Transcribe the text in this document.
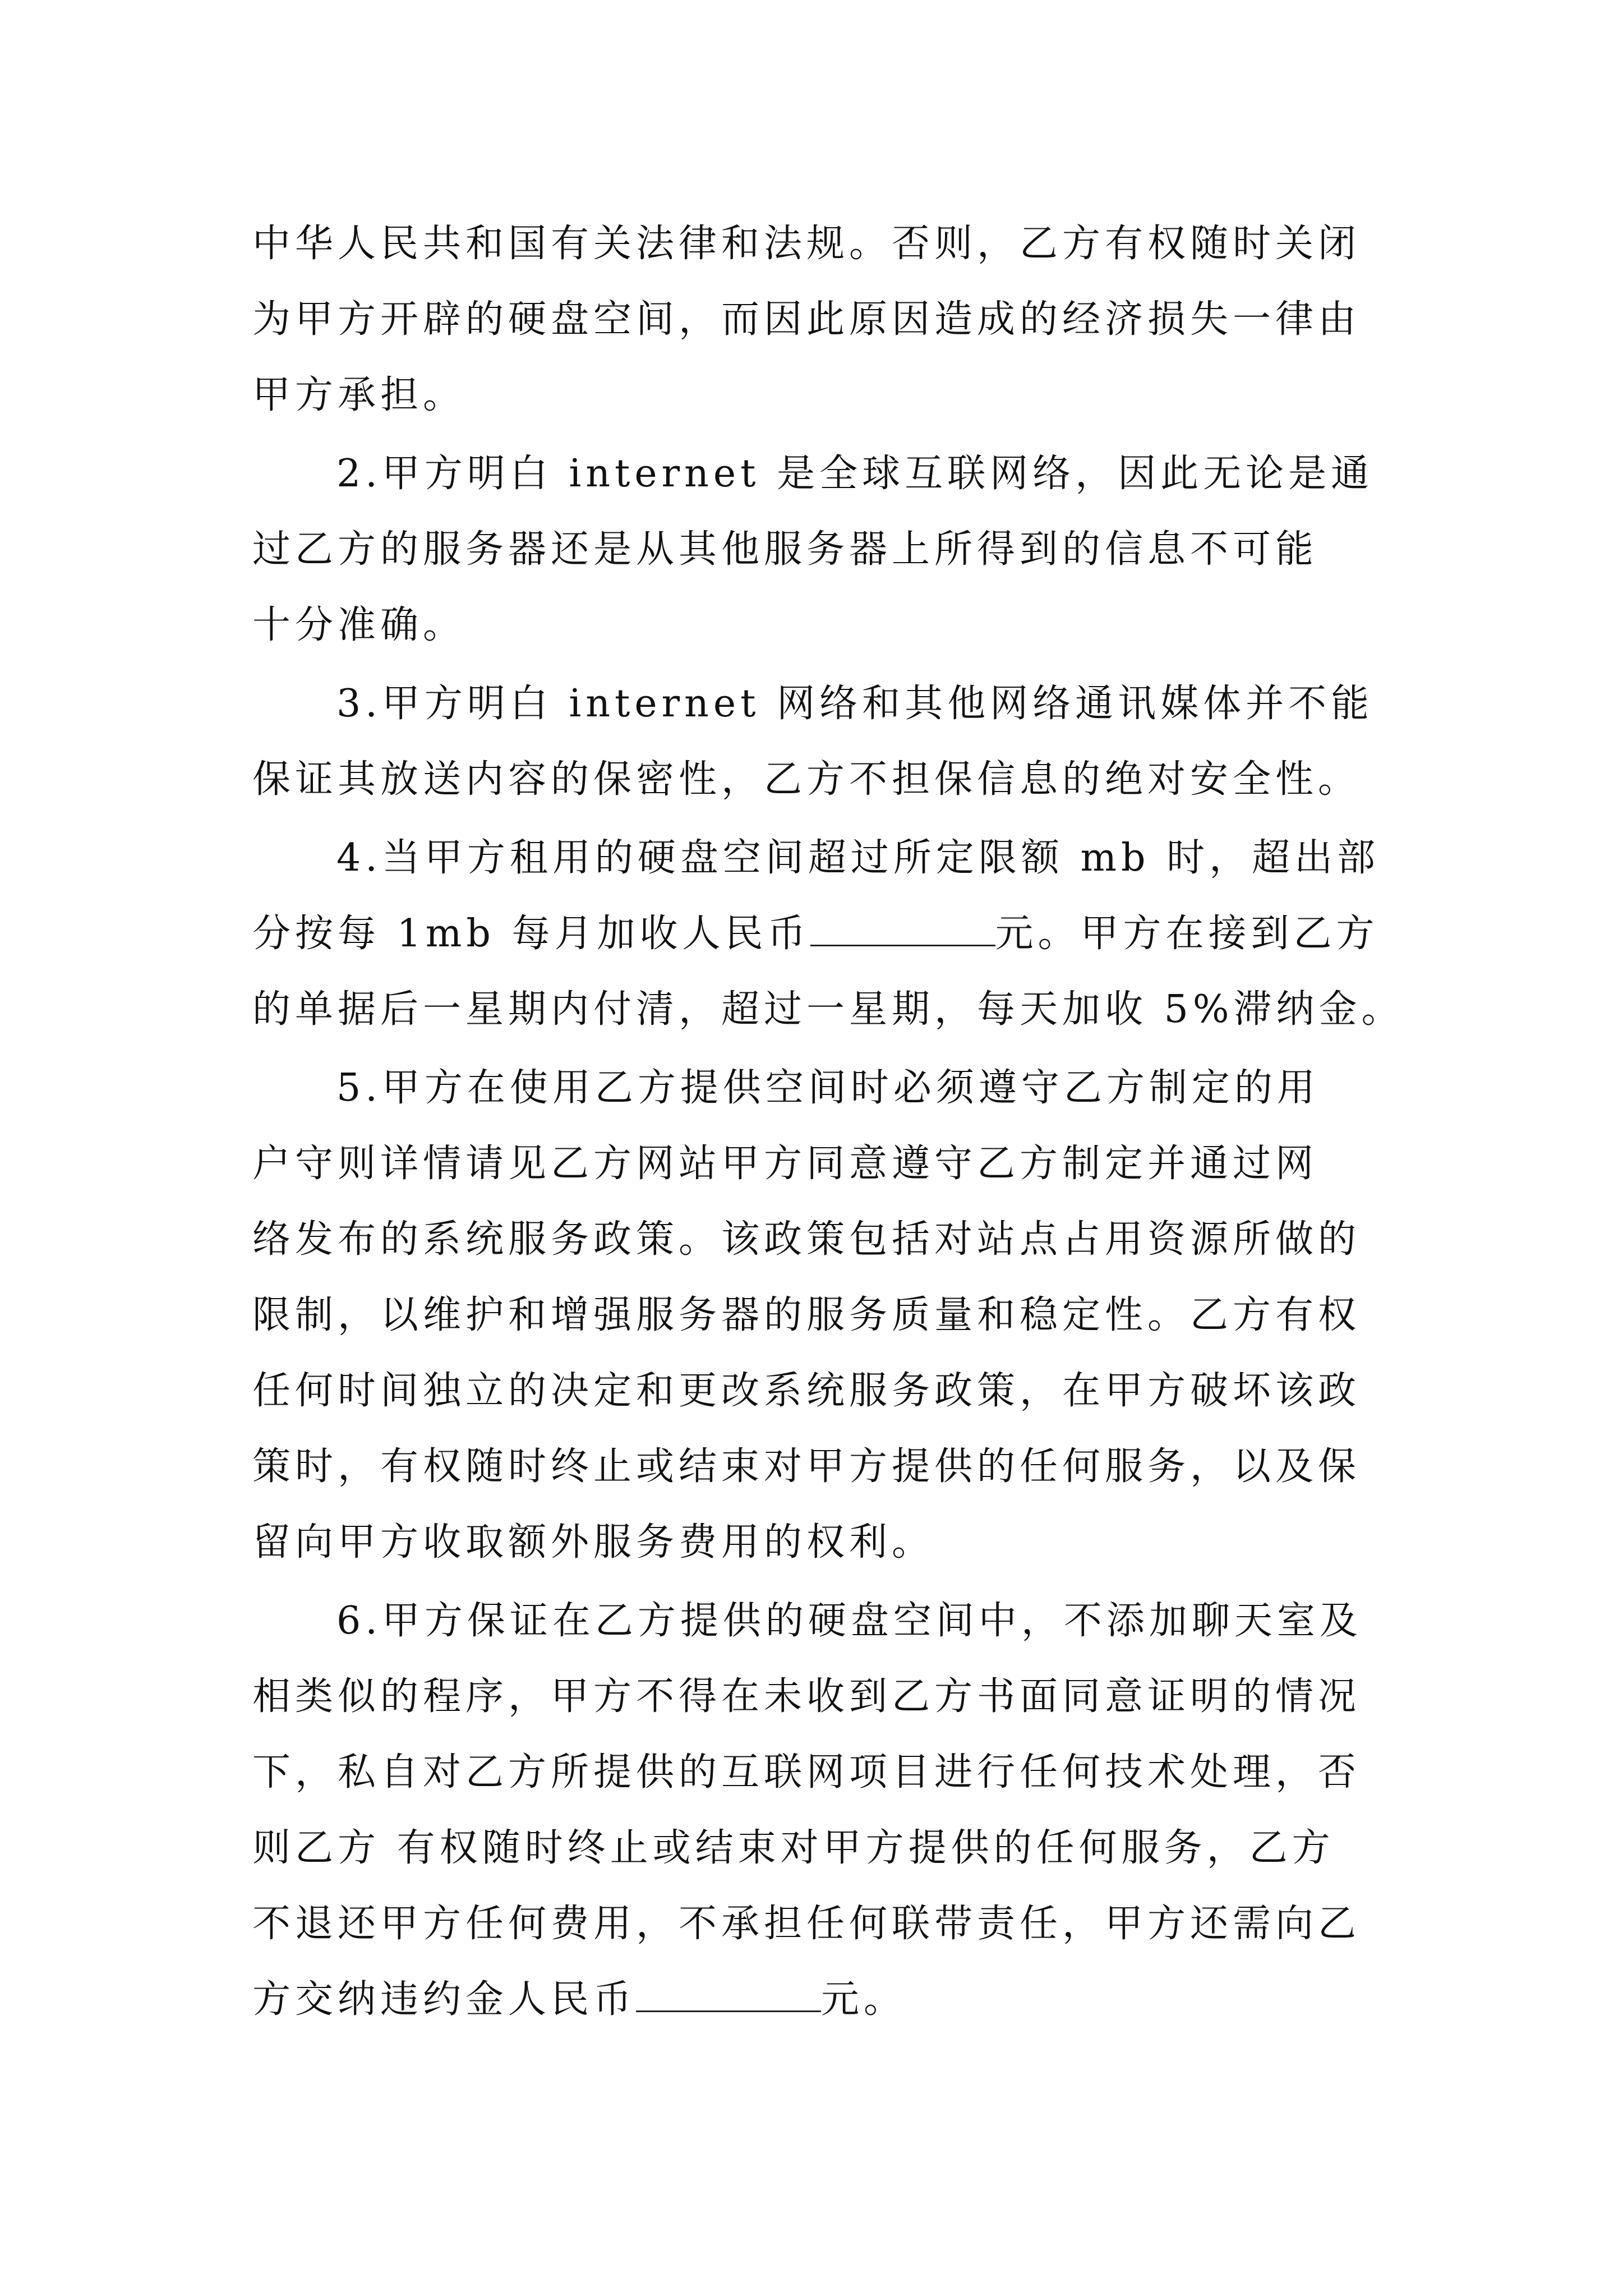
中华人民共和国有关法律和法规。否则，乙方有权随时关闭
为甲方开辟的硬盘空间，而因此原因造成的经济损失一律由
甲方承担。
2.甲方明白 internet 是全球互联网络，因此无论是通
过乙方的服务器还是从其他服务器上所得到的信息不可能
十分准确。
3.甲方明白 internet 网络和其他网络通讯媒体并不能
保证其放送内容的保密性，乙方不担保信息的绝对安全性。
4.当甲方租用的硬盘空间超过所定限额 mb 时，超出部
分按每 1mb 每月加收人民币	元。甲方在接到乙方
的单据后一星期内付清，超过一星期，每天加收 5%滞纳金。
5.甲方在使用乙方提供空间时必须遵守乙方制定的用
户守则详情请见乙方网站甲方同意遵守乙方制定并通过网
络发布的系统服务政策。该政策包括对站点占用资源所做的
限制，以维护和增强服务器的服务质量和稳定性。乙方有权
任何时间独立的决定和更改系统服务政策，在甲方破坏该政
策时，有权随时终止或结束对甲方提供的任何服务，以及保
留向甲方收取额外服务费用的权利。
6.甲方保证在乙方提供的硬盘空间中，不添加聊天室及
相类似的程序，甲方不得在未收到乙方书面同意证明的情况
下，私自对乙方所提供的互联网项目进行任何技术处理，否
则乙方 有权随时终止或结束对甲方提供的任何服务，乙方
不退还甲方任何费用，不承担任何联带责任，甲方还需向乙
方交纳违约金人民币	元。
